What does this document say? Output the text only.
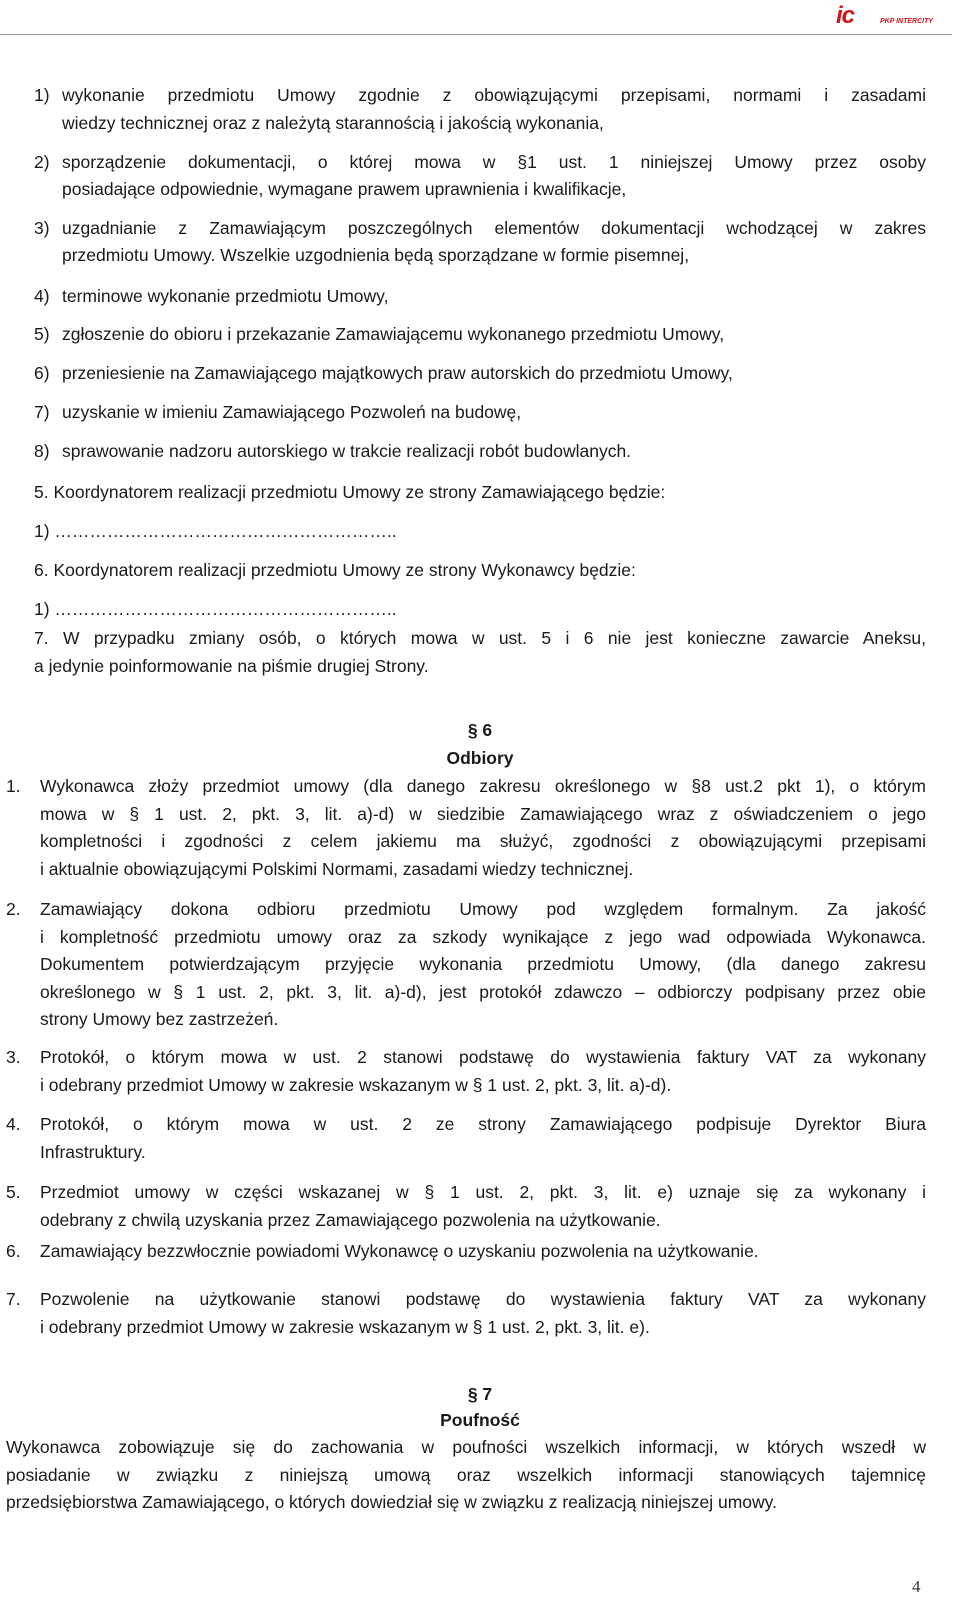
ic	PKP INTERCITY
1) wykonanie przedmiotu Umowy zgodnie z obowiązującymi przepisami, normami i zasadami
wiedzy technicznej oraz z należytą starannością i jakością wykonania,
2) sporządzenie dokumentacji, o której mowa w §1 ust. 1 niniejszej Umowy przez osoby
posiadające odpowiednie, wymagane prawem uprawnienia i kwalifikacje,
3) uzgadnianie z Zamawiającym poszczególnych elementów dokumentacji wchodzącej w zakres
przedmiotu Umowy. Wszelkie uzgodnienia będą sporządzane w formie pisemnej,
4) terminowe wykonanie przedmiotu Umowy,
5) zgłoszenie do obioru i przekazanie Zamawiającemu wykonanego przedmiotu Umowy,
6) przeniesienie na Zamawiającego majątkowych praw autorskich do przedmiotu Umowy,
7) uzyskanie w imieniu Zamawiającego Pozwoleń na budowę,
8) sprawowanie nadzoru autorskiego w trakcie realizacji robót budowlanych.
5. Koordynatorem realizacji przedmiotu Umowy ze strony Zamawiającego będzie:
1) …………………………………………………..
6. Koordynatorem realizacji przedmiotu Umowy ze strony Wykonawcy będzie:
1) …………………………………………………..
7. W przypadku zmiany osób, o których mowa w ust. 5 i 6 nie jest konieczne zawarcie Aneksu,
a jedynie poinformowanie na piśmie drugiej Strony.
§ 6
Odbiory
1. Wykonawca złoży przedmiot umowy (dla danego zakresu określonego w §8 ust.2 pkt 1), o którym
mowa w § 1 ust. 2, pkt. 3, lit. a)-d) w siedzibie Zamawiającego wraz z oświadczeniem o jego
kompletności i zgodności z celem jakiemu ma służyć, zgodności z obowiązującymi przepisami
i aktualnie obowiązującymi Polskimi Normami, zasadami wiedzy technicznej.
2. Zamawiający dokona odbioru przedmiotu Umowy pod względem formalnym. Za jakość
i kompletność przedmiotu umowy oraz za szkody wynikające z jego wad odpowiada Wykonawca.
Dokumentem potwierdzającym przyjęcie wykonania przedmiotu Umowy, (dla danego zakresu
określonego w § 1 ust. 2, pkt. 3, lit. a)-d), jest protokół zdawczo – odbiorczy podpisany przez obie
strony Umowy bez zastrzeżeń.
3. Protokół, o którym mowa w ust. 2 stanowi podstawę do wystawienia faktury VAT za wykonany
i odebrany przedmiot Umowy w zakresie wskazanym w § 1 ust. 2, pkt. 3, lit. a)-d).
4. Protokół, o którym mowa w ust. 2 ze strony Zamawiającego podpisuje Dyrektor Biura
Infrastruktury.
5. Przedmiot umowy w części wskazanej w § 1 ust. 2, pkt. 3, lit. e) uznaje się za wykonany i
odebrany z chwilą uzyskania przez Zamawiającego pozwolenia na użytkowanie.
6. Zamawiający bezzwłocznie powiadomi Wykonawcę o uzyskaniu pozwolenia na użytkowanie.
7. Pozwolenie na użytkowanie stanowi podstawę do wystawienia faktury VAT za wykonany
i odebrany przedmiot Umowy w zakresie wskazanym w § 1 ust. 2, pkt. 3, lit. e).
§ 7
Poufność
Wykonawca zobowiązuje się do zachowania w poufności wszelkich informacji, w których wszedł w
posiadanie w związku z niniejszą umową oraz wszelkich informacji stanowiących tajemnicę
przedsiębiorstwa Zamawiającego, o których dowiedział się w związku z realizacją niniejszej umowy.
4
